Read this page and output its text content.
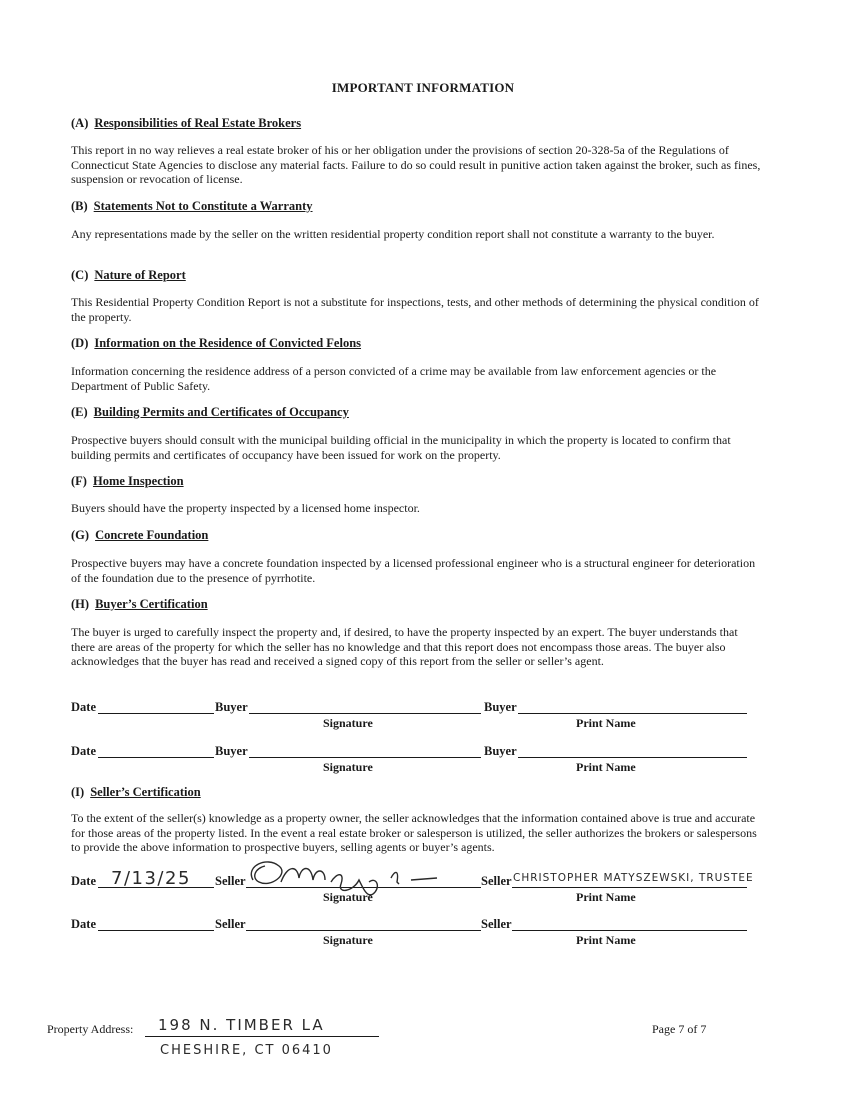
IMPORTANT INFORMATION
(A) Responsibilities of Real Estate Brokers
This report in no way relieves a real estate broker of his or her obligation under the provisions of section 20-328-5a of the Regulations of Connecticut State Agencies to disclose any material facts. Failure to do so could result in punitive action taken against the broker, such as fines, suspension or revocation of license.
(B) Statements Not to Constitute a Warranty
Any representations made by the seller on the written residential property condition report shall not constitute a warranty to the buyer.
(C) Nature of Report
This Residential Property Condition Report is not a substitute for inspections, tests, and other methods of determining the physical condition of the property.
(D) Information on the Residence of Convicted Felons
Information concerning the residence address of a person convicted of a crime may be available from law enforcement agencies or the Department of Public Safety.
(E) Building Permits and Certificates of Occupancy
Prospective buyers should consult with the municipal building official in the municipality in which the property is located to confirm that building permits and certificates of occupancy have been issued for work on the property.
(F) Home Inspection
Buyers should have the property inspected by a licensed home inspector.
(G) Concrete Foundation
Prospective buyers may have a concrete foundation inspected by a licensed professional engineer who is a structural engineer for deterioration of the foundation due to the presence of pyrrhotite.
(H) Buyer’s Certification
The buyer is urged to carefully inspect the property and, if desired, to have the property inspected by an expert. The buyer understands that there are areas of the property for which the seller has no knowledge and that this report does not encompass those areas. The buyer also acknowledges that the buyer has read and received a signed copy of this report from the seller or seller’s agent.
Date	Buyer
Signature
Buyer
Print Name
Date	Buyer
Signature
Buyer
Print Name
(I) Seller’s Certification
To the extent of the seller(s) knowledge as a property owner, the seller acknowledges that the information contained above is true and accurate for those areas of the property listed. In the event a real estate broker or salesperson is utilized, the seller authorizes the brokers or salespersons to provide the above information to prospective buyers, selling agents or buyer’s agents.
Date 7/13/25 Seller
Signature
Seller CHRISTOPHER MATYSZEWSKI, TRUSTEE
Print Name
Date	Seller
Signature
Seller
Print Name
Property Address: 198 N. TIMBER LA
CHESHIRE, CT 06410
Page 7 of 7
